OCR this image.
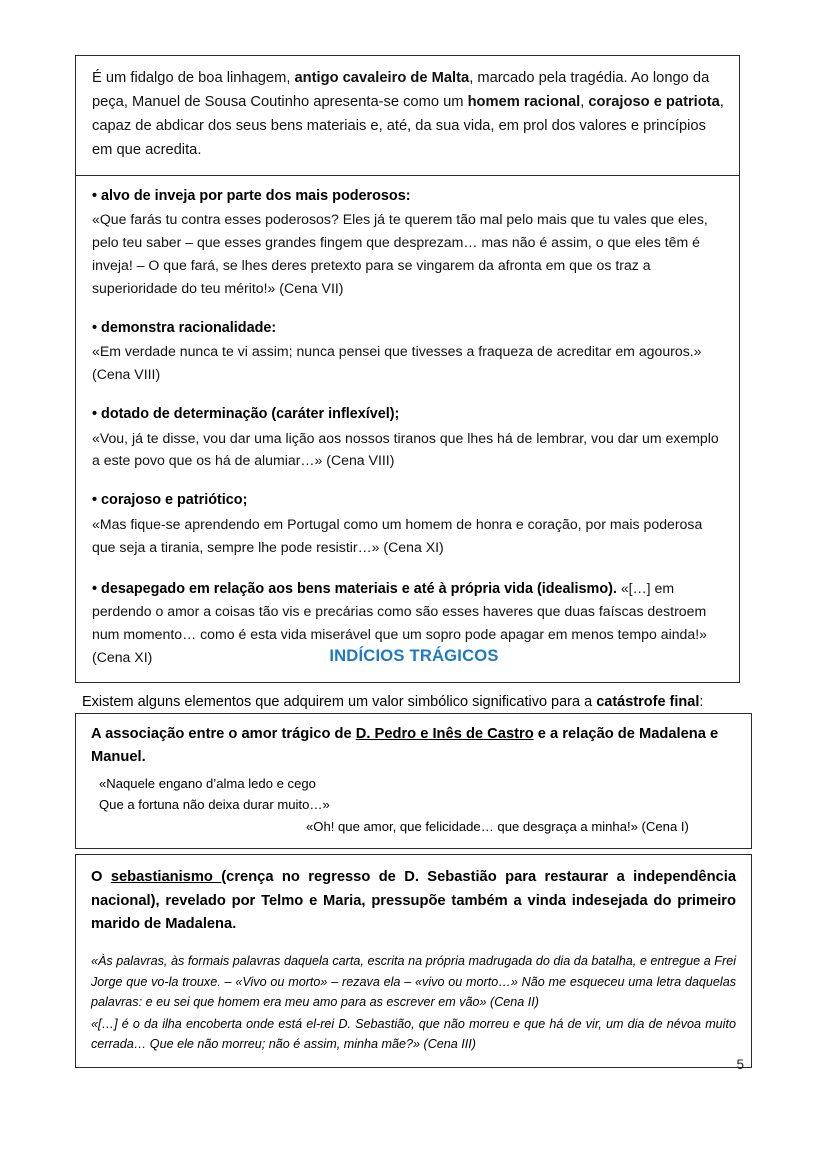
É um fidalgo de boa linhagem, antigo cavaleiro de Malta, marcado pela tragédia. Ao longo da peça, Manuel de Sousa Coutinho apresenta-se como um homem racional, corajoso e patriota, capaz de abdicar dos seus bens materiais e, até, da sua vida, em prol dos valores e princípios em que acredita.
• alvo de inveja por parte dos mais poderosos:
«Que farás tu contra esses poderosos? Eles já te querem tão mal pelo mais que tu vales que eles, pelo teu saber – que esses grandes fingem que desprezam… mas não é assim, o que eles têm é inveja! – O que fará, se lhes deres pretexto para se vingarem da afronta em que os traz a superioridade do teu mérito!» (Cena VII)
• demonstra racionalidade:
«Em verdade nunca te vi assim; nunca pensei que tivesses a fraqueza de acreditar em agouros.» (Cena VIII)
• dotado de determinação (caráter inflexível);
«Vou, já te disse, vou dar uma lição aos nossos tiranos que lhes há de lembrar, vou dar um exemplo a este povo que os há de alumiar…» (Cena VIII)
• corajoso e patriótico;
«Mas fique-se aprendendo em Portugal como um homem de honra e coração, por mais poderosa que seja a tirania, sempre lhe pode resistir…» (Cena XI)
• desapegado em relação aos bens materiais e até à própria vida (idealismo). «[…] em perdendo o amor a coisas tão vis e precárias como são esses haveres que duas faíscas destroem num momento… como é esta vida miserável que um sopro pode apagar em menos tempo ainda!» (Cena XI)	INDÍCIOS TRÁGICOS
Existem alguns elementos que adquirem um valor simbólico significativo para a catástrofe final:
A associação entre o amor trágico de D. Pedro e Inês de Castro e a relação de Madalena e Manuel.
«Naquele engano d’alma ledo e cego
Que a fortuna não deixa durar muito…»
«Oh! que amor, que felicidade… que desgraça a minha!» (Cena I)
O sebastianismo (crença no regresso de D. Sebastião para restaurar a independência nacional), revelado por Telmo e Maria, pressupõe também a vinda indesejada do primeiro marido de Madalena.
«Às palavras, às formais palavras daquela carta, escrita na própria madrugada do dia da batalha, e entregue a Frei Jorge que vo-la trouxe. – «Vivo ou morto» – rezava ela – «vivo ou morto…» Não me esqueceu uma letra daquelas palavras: e eu sei que homem era meu amo para as escrever em vão» (Cena II)
«[…] é o da ilha encoberta onde está el-rei D. Sebastião, que não morreu e que há de vir, um dia de névoa muito cerrada… Que ele não morreu; não é assim, minha mãe?» (Cena III)
5
